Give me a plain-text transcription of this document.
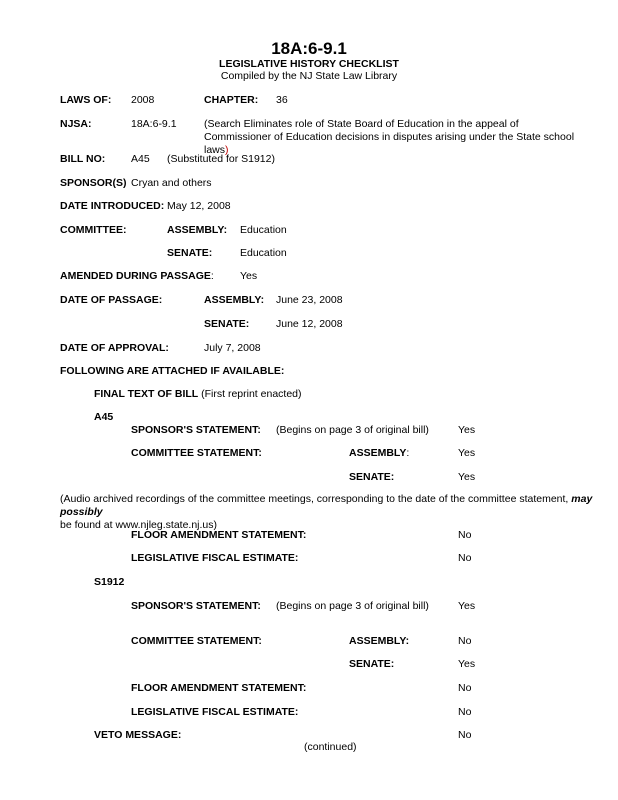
18A:6-9.1
LEGISLATIVE HISTORY CHECKLIST
Compiled by the NJ State Law Library
LAWS OF: 2008	CHAPTER: 36
NJSA:	18A:6-9.1	(Search Eliminates role of State Board of Education in the appeal of Commissioner of Education decisions in disputes arising under the State school laws)
BILL NO: A45 (Substituted for S1912)
SPONSOR(S) Cryan and others
DATE INTRODUCED: May 12, 2008
COMMITTEE:	ASSEMBLY: Education
SENATE:	Education
AMENDED DURING PASSAGE: Yes
DATE OF PASSAGE:	ASSEMBLY: June 23, 2008
SENATE:	June 12, 2008
DATE OF APPROVAL:	July 7, 2008
FOLLOWING ARE ATTACHED IF AVAILABLE:
FINAL TEXT OF BILL (First reprint enacted)
A45
SPONSOR'S STATEMENT: (Begins on page 3 of original bill)	Yes
COMMITTEE STATEMENT:	ASSEMBLY:	Yes
SENATE:	Yes
(Audio archived recordings of the committee meetings, corresponding to the date of the committee statement, may possibly
be found at www.njleg.state.nj.us)
FLOOR AMENDMENT STATEMENT:	No
LEGISLATIVE FISCAL ESTIMATE:	No
S1912
SPONSOR'S STATEMENT: (Begins on page 3 of original bill)	Yes
COMMITTEE STATEMENT:	ASSEMBLY:	No
SENATE:	Yes
FLOOR AMENDMENT STATEMENT:	No
LEGISLATIVE FISCAL ESTIMATE:	No
VETO MESSAGE:	No
(continued)
